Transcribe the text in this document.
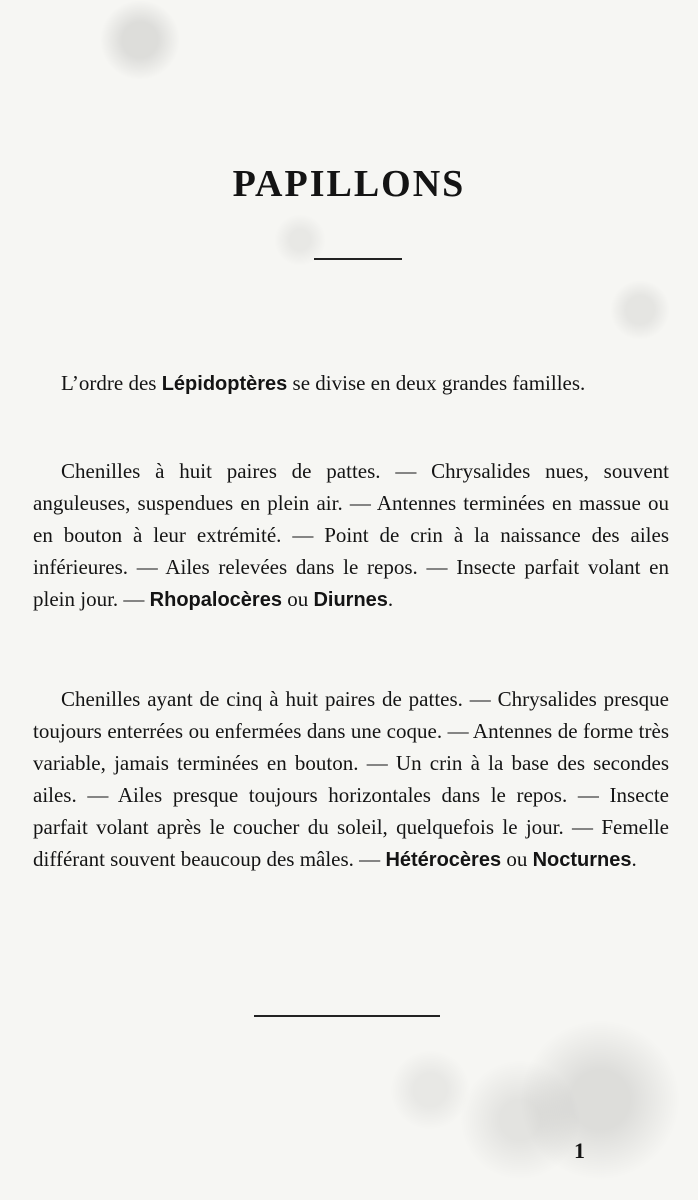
PAPILLONS

L’ordre des Lépidoptères se divise en deux grandes familles.

Chenilles à huit paires de pattes. — Chrysalides nues, souvent anguleuses, suspendues en plein air. — Antennes terminées en massue ou en bouton à leur extrémité. — Point de crin à la naissance des ailes inférieures. — Ailes relevées dans le repos. — Insecte parfait volant en plein jour. — Rhopalocères ou Diurnes.

Chenilles ayant de cinq à huit paires de pattes. — Chrysalides presque toujours enterrées ou enfermées dans une coque. — Antennes de forme très variable, jamais terminées en bouton. — Un crin à la base des secondes ailes. — Ailes presque toujours horizontales dans le repos. — Insecte parfait volant après le coucher du soleil, quelquefois le jour. — Femelle différant souvent beaucoup des mâles. — Hétérocères ou Nocturnes.

1
